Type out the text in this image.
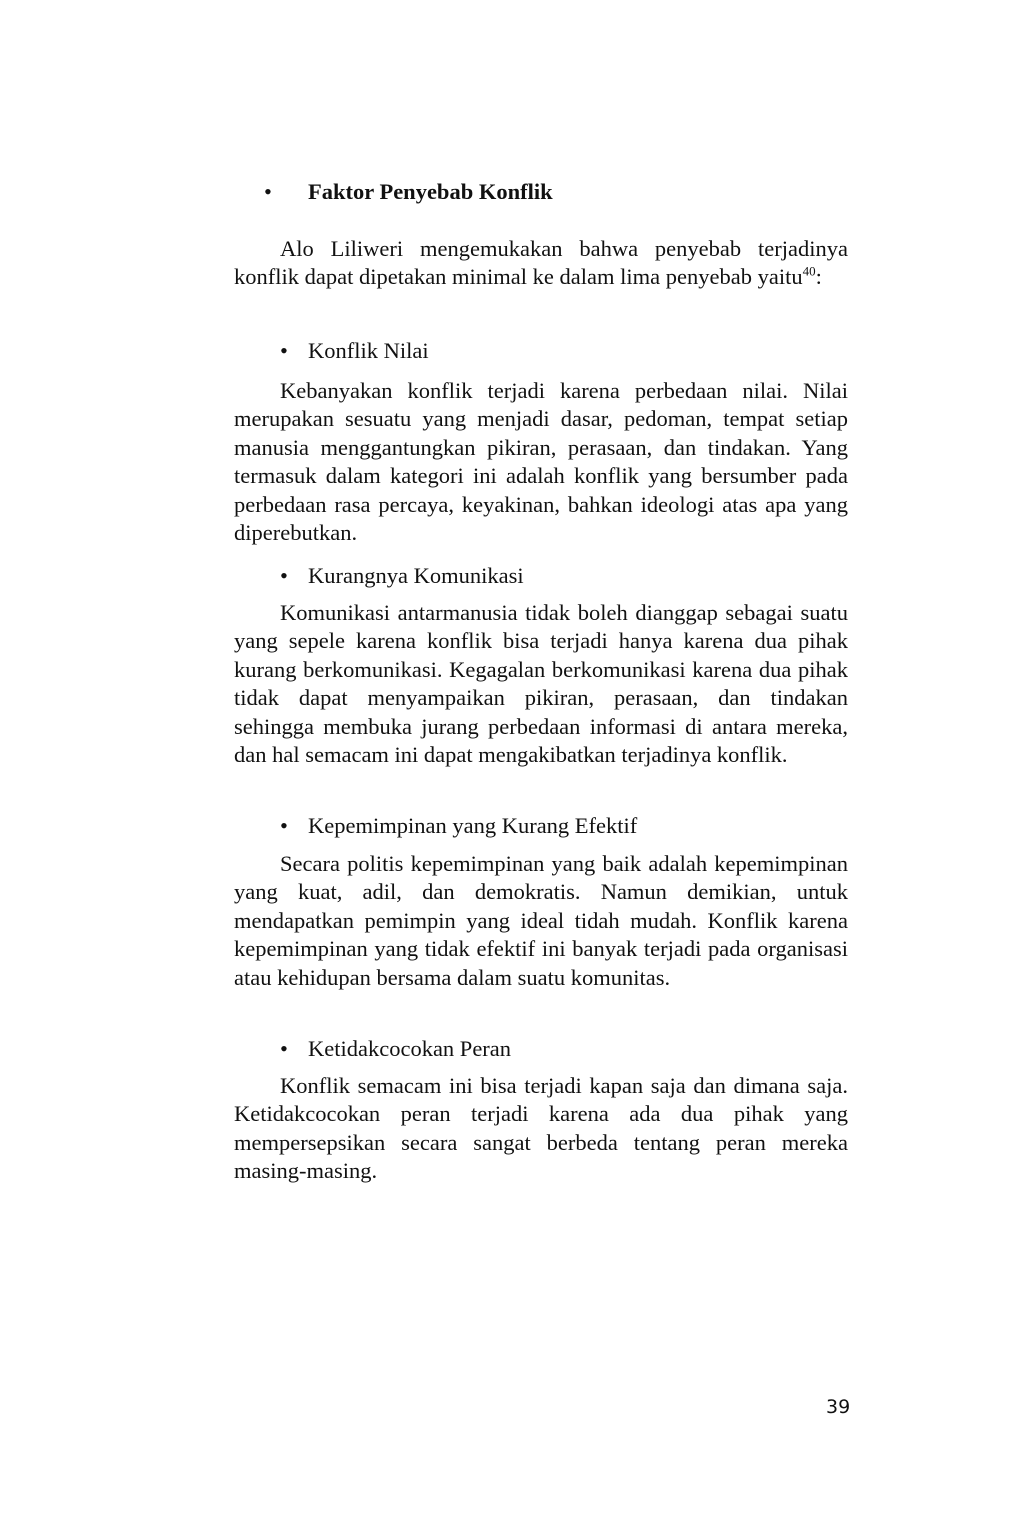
• Faktor Penyebab Konflik

Alo Liliweri mengemukakan bahwa penyebab terjadinya konflik dapat dipetakan minimal ke dalam lima penyebab yaitu$^{40}$:

• Konflik Nilai

Kebanyakan konflik terjadi karena perbedaan nilai. Nilai merupakan sesuatu yang menjadi dasar, pedoman, tempat setiap manusia menggantungkan pikiran, perasaan, dan tindakan. Yang termasuk dalam kategori ini adalah konflik yang bersumber pada perbedaan rasa percaya, keyakinan, bahkan ideologi atas apa yang diperebutkan.

• Kurangnya Komunikasi

Komunikasi antarmanusia tidak boleh dianggap sebagai suatu yang sepele karena konflik bisa terjadi hanya karena dua pihak kurang berkomunikasi. Kegagalan berkomunikasi karena dua pihak tidak dapat menyampaikan pikiran, perasaan, dan tindakan sehingga membuka jurang perbedaan informasi di antara mereka, dan hal semacam ini dapat mengakibatkan terjadinya konflik.

• Kepemimpinan yang Kurang Efektif

Secara politis kepemimpinan yang baik adalah kepemimpinan yang kuat, adil, dan demokratis. Namun demikian, untuk mendapatkan pemimpin yang ideal tidah mudah. Konflik karena kepemimpinan yang tidak efektif ini banyak terjadi pada organisasi atau kehidupan bersama dalam suatu komunitas.

• Ketidakcocokan Peran

Konflik semacam ini bisa terjadi kapan saja dan dimana saja. Ketidakcocokan peran terjadi karena ada dua pihak yang mempersepsikan secara sangat berbeda tentang peran mereka masing-masing.

39
